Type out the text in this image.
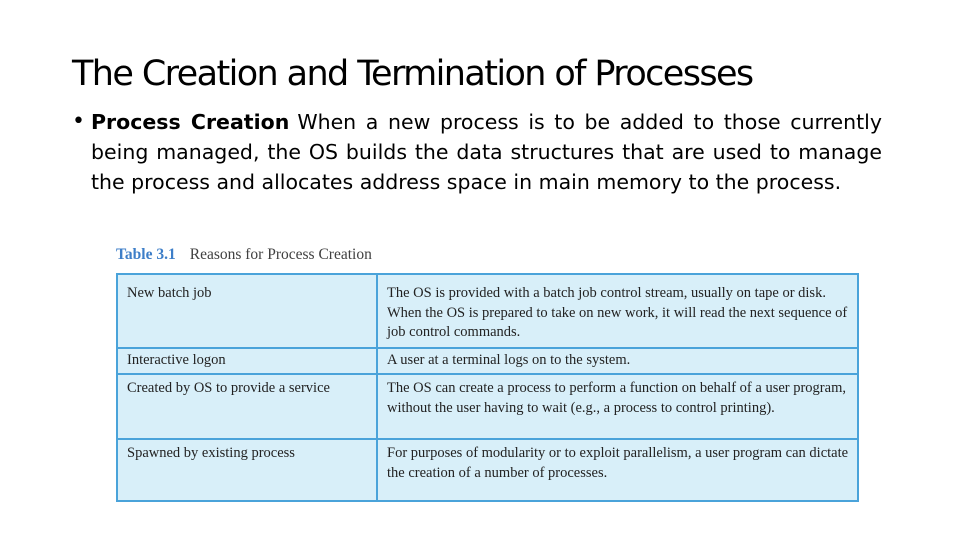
The Creation and Termination of Processes
• Process Creation When a new process is to be added to those currently being managed, the OS builds the data structures that are used to manage the process and allocates address space in main memory to the process.

Table 3.1 Reasons for Process Creation
New batch job	The OS is provided with a batch job control stream, usually on tape or disk. When the OS is prepared to take on new work, it will read the next sequence of job control commands.
Interactive logon	A user at a terminal logs on to the system.
Created by OS to provide a service	The OS can create a process to perform a function on behalf of a user program, without the user having to wait (e.g., a process to control printing).
Spawned by existing process	For purposes of modularity or to exploit parallelism, a user program can dictate the creation of a number of processes.
